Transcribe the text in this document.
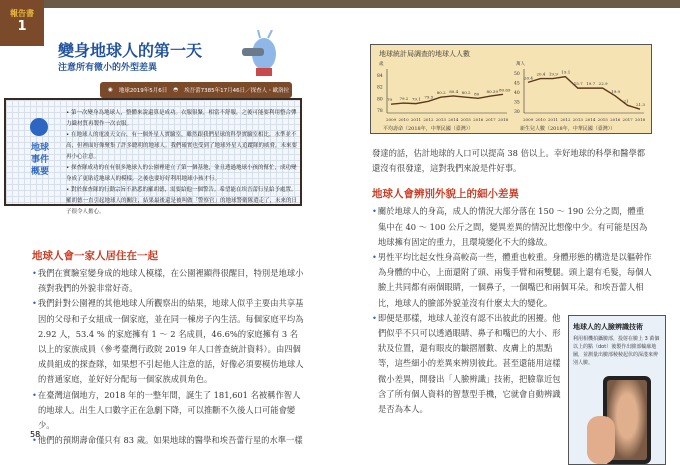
報告書
1
變身地球人的第一天
注意所有微小的外型差異
◉ 地球2019年5月6日 ◓ 埃吾蕾7385年17月46日／探查人・歐洛拉
地球事件概要
• 第一次變身為地球人，整體來說還算是成功。衣服很緊，相當不舒服，之後可能要利用整合彈力織材質再製作一次衣服。
• 在地球人的電波天文台，有一個外星人實驗室，雖然跟我們星球的科學實驗室相比，水準並不高，但裡面好像聚集了許多聰明的地球人。我們確實也受到了地球外星人追蹤隊的威脅，未來要再小心注意。
• 探查隊成功的在有很多地球人的公園裡建立了第一個基地，並且透過地球小孩的幫忙，成功變身成了更貼近地球人的模樣。之後也要好好利用地球小孩才行。
• 對於探查隊的行動宗旨不熟悉的羅胡德，需要給他一個警告。希望能在埃吾蕾行星給予處置。羅胡德一直引起地球人的關注，結果最後還是被叫做「警察官」的地球警衛隊遣走了，未來的日子很令人擔心。
地球人會一家人居住在一起
• 我們在實驗室變身成的地球人模樣，在公園裡顯得很醒目，特別是地球小孩對我們的外貌非常好奇。
• 我們針對公園裡的其他地球人所觀察出的結果，地球人似乎主要由共享基因的父母和子女組成一個家庭，並在同一棟房子內生活。每個家庭平均為 2.92 人，53.4 % 的家庭擁有 1 ～ 2 名成員，46.6%的家庭擁有 3 名以上的家族成員（參考臺灣行政院 2019 年人口普查統計資料）。由四個成員組成的探查隊，如果想不引起他人注意的話，好像必須要模仿地球人的普通家庭，並好好分配每一個家族成員角色。
• 在臺灣這個地方，2018 年的一整年間，誕生了 181,601 名被稱作智人的地球人。出生人口數字正在急劇下降，可以推斷不久後人口可能會變少。
• 他們的預期壽命僅只有 83 歲。如果地球的醫學和埃吾蕾行星的水準一樣
58
地球統計局調查的地球人人數
歲
78
80
82
84
2009 2010 2011 2012 2013 2014 2015 2016 2017 2018
79 79.2 79.1 79.5
80.2 80.4 80.2 80 80.39 80.69
平均壽命（2018年，中華民國（臺灣））
萬人
30
35
40
45
50
2009 2010 2011 2012 2013 2014 2015 2016 2017 2018
20.4
20.4 19.9 19.1
15.7 19.7 22.9
19.9
21
21.3
新生兒人數（2018年，中華民國（臺灣））

發達的話，估計地球的人口可以提高 38 倍以上。幸好地球的科學和醫學都還沒有很發達，這對我們來說是件好事。

地球人會辨別外貌上的細小差異
• 關於地球人的身高，成人的情況大部分落在 150 ～ 190 公分之間，體重集中在 40 ～ 100 公斤之間，變異差異的情況比想像中少。有可能是因為地球擁有固定的重力，且環境變化不大的緣故。
• 男性平均比起女性身高較高一些，體重也較重。身體形態的構造是以軀幹作為身體的中心，上面還附了頭、兩隻手臂和兩雙腿。頭上還有毛髮，每個人臉上共同都有兩個眼睛，一個鼻子，一個嘴巴和兩個耳朵。和埃吾蕾人相比，地球人的臉部外貌並沒有什麼太大的變化。
地球人的人臉辨識技術
利用相機拍攝臉部，投射在臉上 3 萬個以上的點（dot）後製作出臉部輪廓地圖，並測量出臉部稜稜起伏的深淺來辨別人臉。
• 即便是那樣，地球人並沒有認不出彼此的困擾。他們似乎不只可以透過眼睛、鼻子和嘴巴的大小、形狀及位置，還有眼皮的皺摺層數、皮膚上的黑點等，這些細小的差異來辨別彼此。甚至還能用這樣微小差異，開發出「人臉辨識」技術，把臉靠近包含了所有個人資料的智慧型手機，它就會自動辨識是否為本人。
